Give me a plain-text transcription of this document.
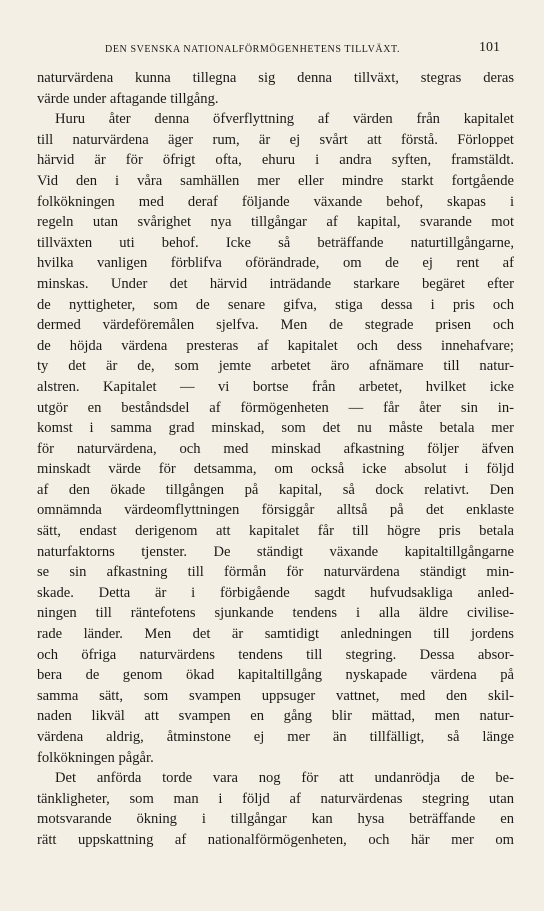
DEN SVENSKA NATIONALFÖRMÖGENHETENS TILLVÄXT.	101
naturvärdena kunna tillegna sig denna tillväxt, stegras deras
värde under aftagande tillgång.
Huru åter denna öfverflyttning af värden från kapitalet
till naturvärdena äger rum, är ej svårt att förstå. Förloppet
härvid är för öfrigt ofta, ehuru i andra syften, framstäldt.
Vid den i våra samhällen mer eller mindre starkt fortgående
folkökningen med deraf följande växande behof, skapas i
regeln utan svårighet nya tillgångar af kapital, svarande mot
tillväxten uti behof. Icke så beträffande naturtillgångarne,
hvilka vanligen förblifva oförändrade, om de ej rent af
minskas. Under det härvid inträdande starkare begäret efter
de nyttigheter, som de senare gifva, stiga dessa i pris och
dermed värdeföremålen sjelfva. Men de stegrade prisen och
de höjda värdena presteras af kapitalet och dess innehafvare;
ty det är de, som jemte arbetet äro afnämare till natur-
alstren. Kapitalet — vi bortse från arbetet, hvilket icke
utgör en beståndsdel af förmögenheten — får åter sin in-
komst i samma grad minskad, som det nu måste betala mer
för naturvärdena, och med minskad afkastning följer äfven
minskadt värde för detsamma, om också icke absolut i följd
af den ökade tillgången på kapital, så dock relativt. Den
omnämnda värdeomflyttningen försiggår alltså på det enklaste
sätt, endast derigenom att kapitalet får till högre pris betala
naturfaktorns tjenster. De ständigt växande kapitaltillgångarne
se sin afkastning till förmån för naturvärdena ständigt min-
skade. Detta är i förbigående sagdt hufvudsakliga anled-
ningen till räntefotens sjunkande tendens i alla äldre civilise-
rade länder. Men det är samtidigt anledningen till jordens
och öfriga naturvärdens tendens till stegring. Dessa absor-
bera de genom ökad kapitaltillgång nyskapade värdena på
samma sätt, som svampen uppsuger vattnet, med den skil-
naden likväl att svampen en gång blir mättad, men natur-
värdena aldrig, åtminstone ej mer än tillfälligt, så länge
folkökningen pågår.
Det anförda torde vara nog för att undanrödja de be-
tänkligheter, som man i följd af naturvärdenas stegring utan
motsvarande ökning i tillgångar kan hysa beträffande en
rätt uppskattning af nationalförmögenheten, och här mer om
